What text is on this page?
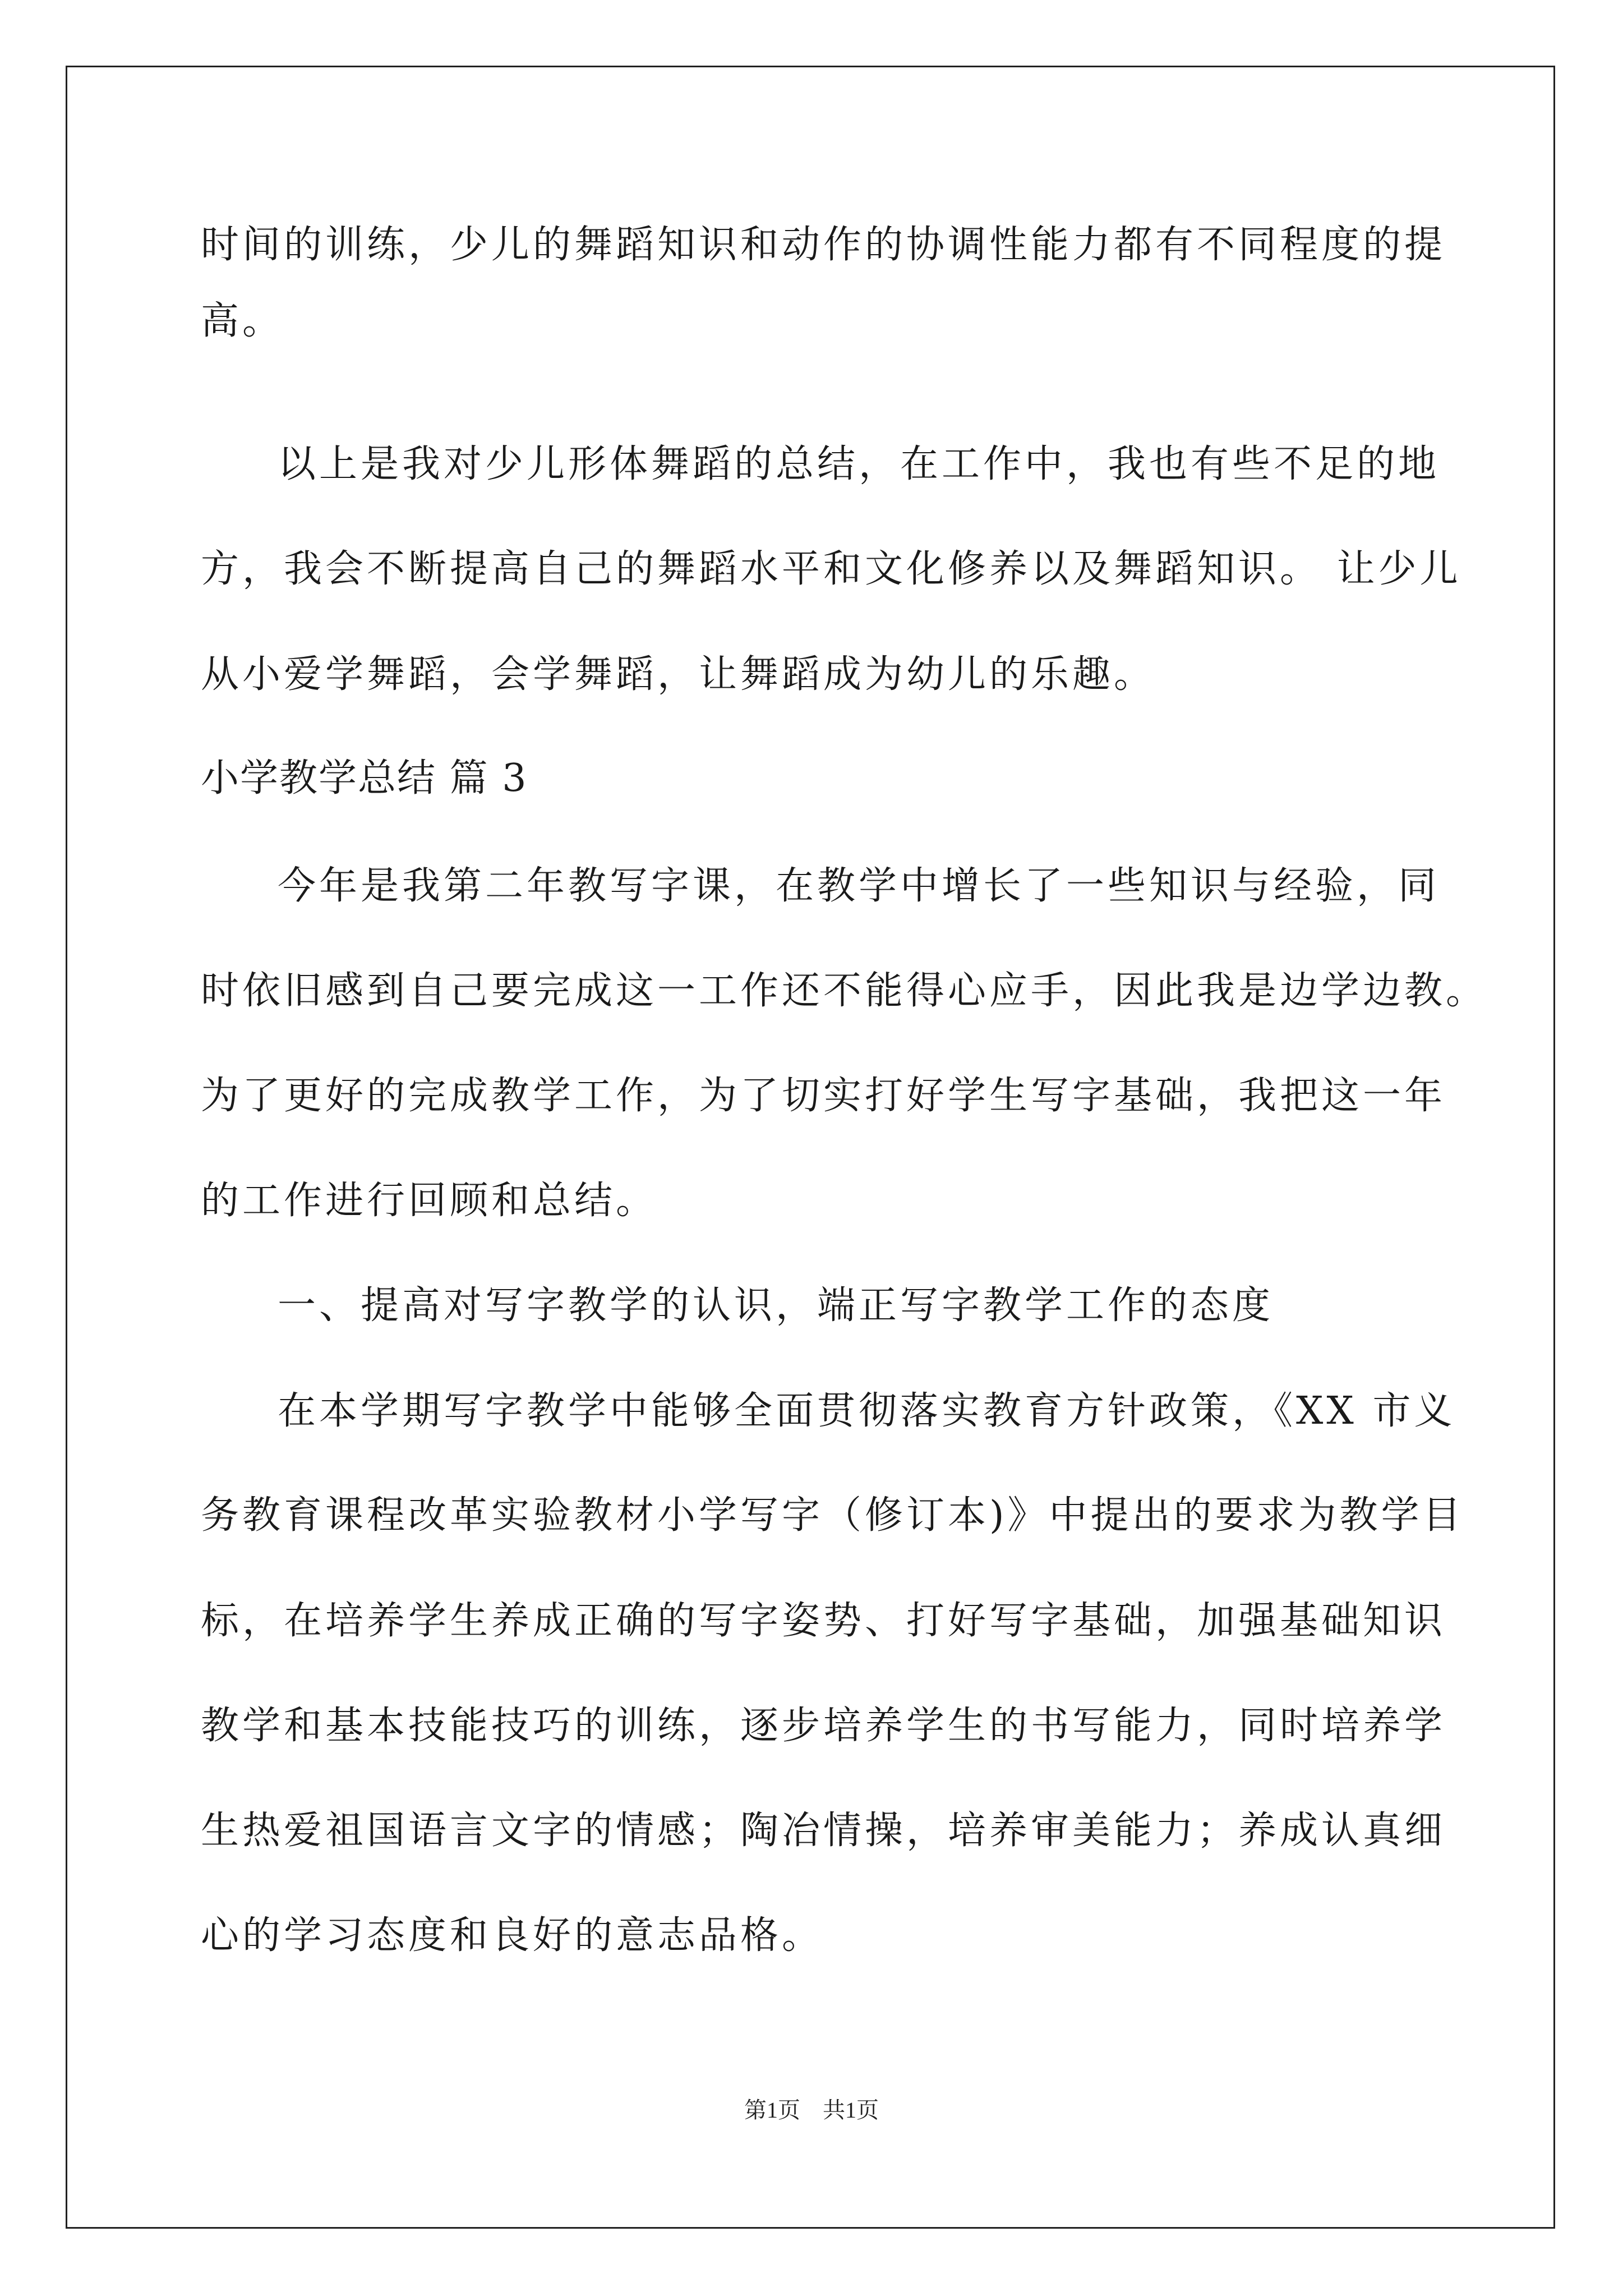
时间的训练，少儿的舞蹈知识和动作的协调性能力都有不同程度的提
高。
以上是我对少儿形体舞蹈的总结，在工作中，我也有些不足的地
方，我会不断提高自己的舞蹈水平和文化修养以及舞蹈知识。 让少儿
从小爱学舞蹈，会学舞蹈，让舞蹈成为幼儿的乐趣。
小学教学总结 篇 3
今年是我第二年教写字课，在教学中增长了一些知识与经验，同
时依旧感到自己要完成这一工作还不能得心应手，因此我是边学边教。
为了更好的完成教学工作，为了切实打好学生写字基础，我把这一年
的工作进行回顾和总结。
一、提高对写字教学的认识，端正写字教学工作的态度
在本学期写字教学中能够全面贯彻落实教育方针政策，《XX 市义
务教育课程改革实验教材小学写字（修订本)》中提出的要求为教学目
标，在培养学生养成正确的写字姿势、打好写字基础，加强基础知识
教学和基本技能技巧的训练，逐步培养学生的书写能力，同时培养学
生热爱祖国语言文字的情感；陶冶情操，培养审美能力；养成认真细
心的学习态度和良好的意志品格。
第1页　共1页
